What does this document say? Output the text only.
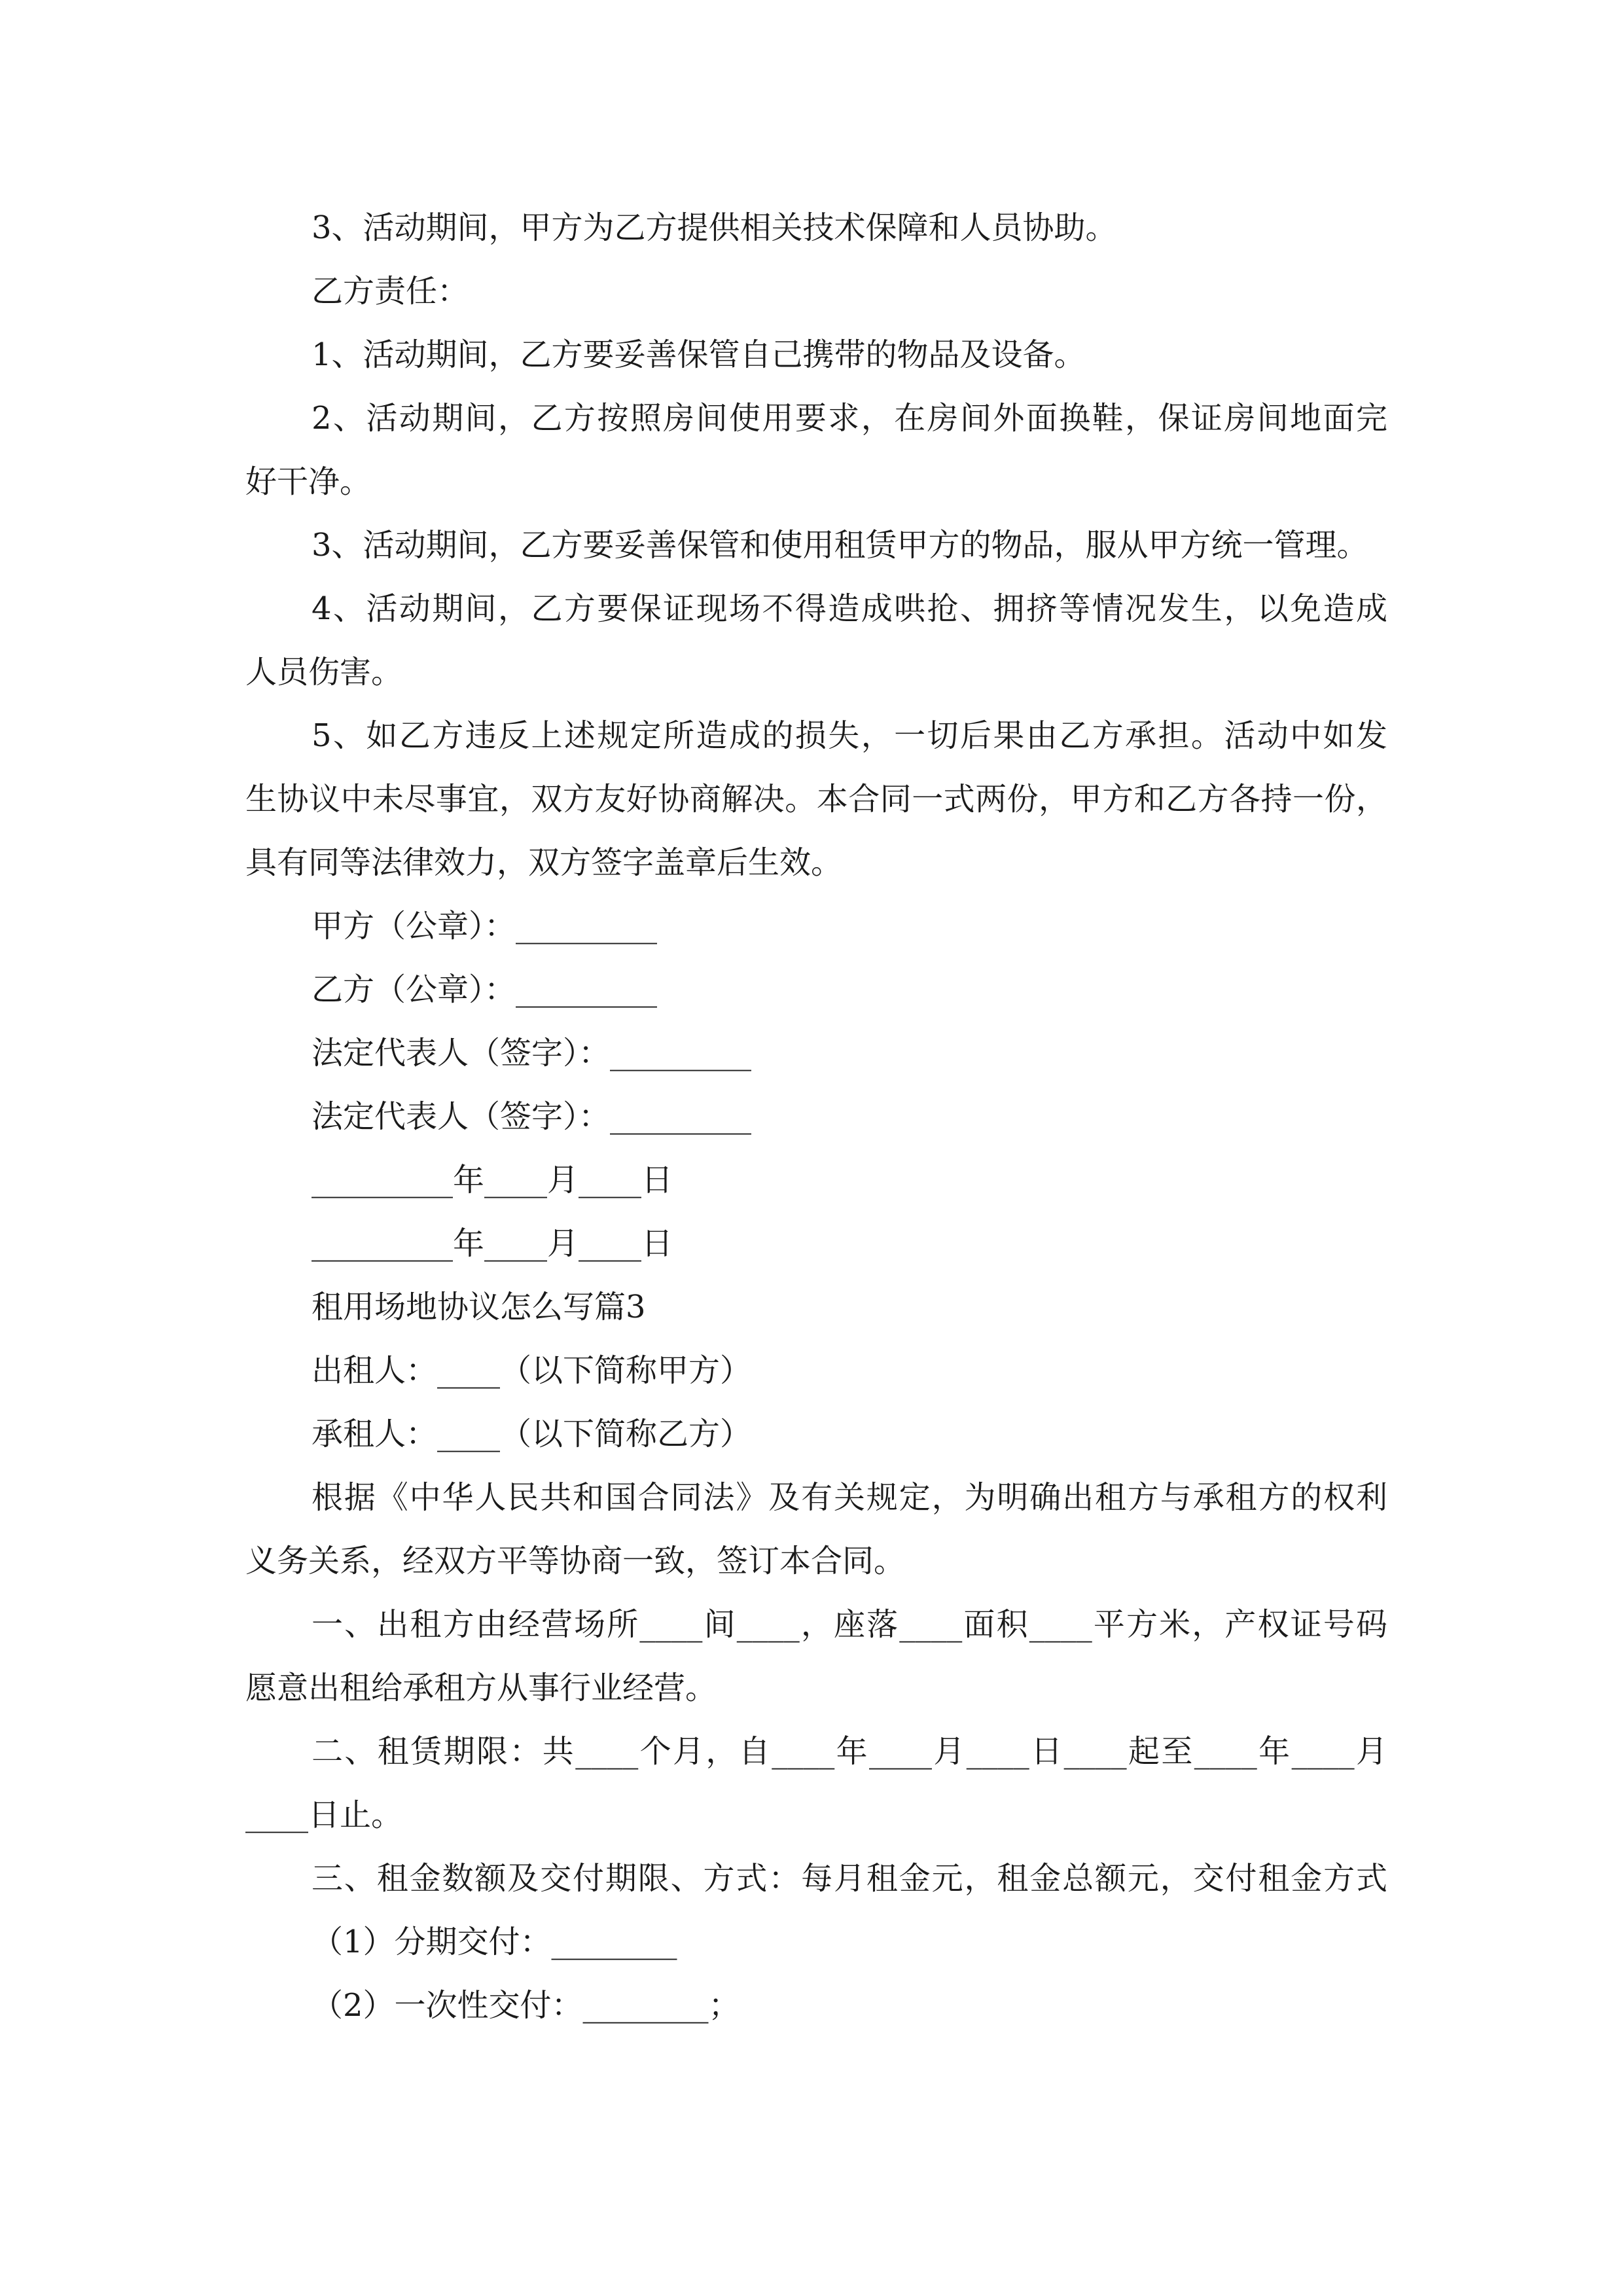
3、活动期间，甲方为乙方提供相关技术保障和人员协助。

乙方责任：

1、活动期间，乙方要妥善保管自己携带的物品及设备。

2、活动期间，乙方按照房间使用要求，在房间外面换鞋，保证房间地面完

好干净。

3、活动期间，乙方要妥善保管和使用租赁甲方的物品，服从甲方统一管理。

4、活动期间，乙方要保证现场不得造成哄抢、拥挤等情况发生，以免造成

人员伤害。

5、如乙方违反上述规定所造成的损失，一切后果由乙方承担。活动中如发

生协议中未尽事宜，双方友好协商解决。本合同一式两份，甲方和乙方各持一份，

具有同等法律效力，双方签字盖章后生效。

甲方（公章）：_________

乙方（公章）：_________

法定代表人（签字）：_________

法定代表人（签字）：_________

_________年____月____日

_________年____月____日

租用场地协议怎么写篇3

出租人：____（以下简称甲方）

承租人：____（以下简称乙方）

根据《中华人民共和国合同法》及有关规定，为明确出租方与承租方的权利

义务关系，经双方平等协商一致，签订本合同。

一、出租方由经营场所____间____，座落____面积____平方米，产权证号码

愿意出租给承租方从事行业经营。

二、租赁期限：共____个月，自____年____月____日____起至____年____月

____日止。

三、租金数额及交付期限、方式：每月租金元，租金总额元，交付租金方式

（1）分期交付：________

（2）一次性交付：________；
